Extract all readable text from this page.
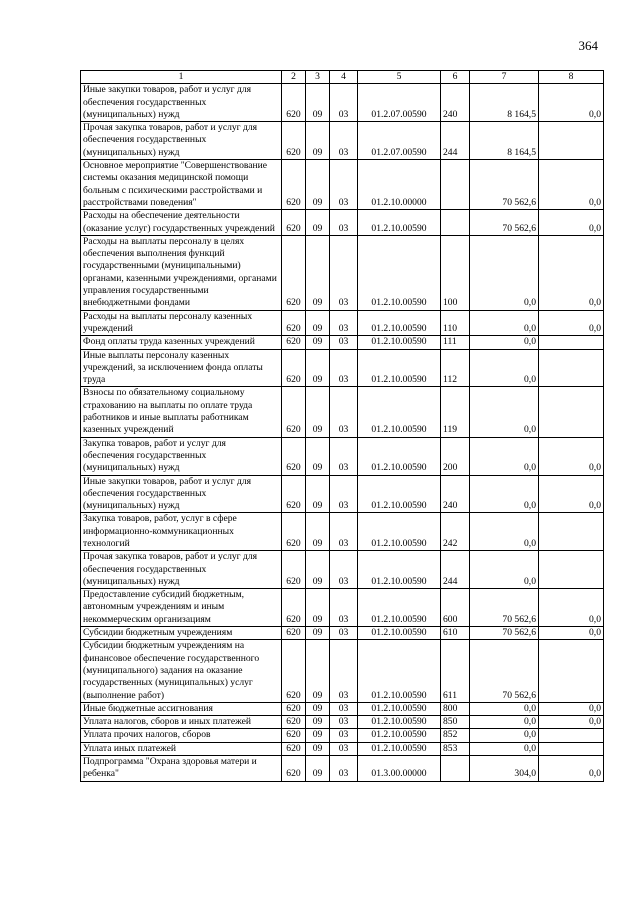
364
1	2	3	4	5	6	7	8
Иные закупки товаров, работ и услуг для обеспечения государственных (муниципальных) нужд	620	09	03	01.2.07.00590	240	8 164,5	0,0
Прочая закупка товаров, работ и услуг для обеспечения государственных (муниципальных) нужд	620	09	03	01.2.07.00590	244	8 164,5	
Основное мероприятие "Совершенствование системы оказания медицинской помощи больным с психическими расстройствами и расстройствами поведения"	620	09	03	01.2.10.00000		70 562,6	0,0
Расходы на обеспечение деятельности (оказание услуг) государственных учреждений	620	09	03	01.2.10.00590		70 562,6	0,0
Расходы на выплаты персоналу в целях обеспечения выполнения функций государственными (муниципальными) органами, казенными учреждениями, органами управления государственными внебюджетными фондами	620	09	03	01.2.10.00590	100	0,0	0,0
Расходы на выплаты персоналу казенных учреждений	620	09	03	01.2.10.00590	110	0,0	0,0
Фонд оплаты труда казенных учреждений	620	09	03	01.2.10.00590	111	0,0	
Иные выплаты персоналу казенных учреждений, за исключением фонда оплаты труда	620	09	03	01.2.10.00590	112	0,0	
Взносы по обязательному социальному страхованию на выплаты по оплате труда работников и иные выплаты работникам казенных учреждений	620	09	03	01.2.10.00590	119	0,0	
Закупка товаров, работ и услуг для обеспечения государственных (муниципальных) нужд	620	09	03	01.2.10.00590	200	0,0	0,0
Иные закупки товаров, работ и услуг для обеспечения государственных (муниципальных) нужд	620	09	03	01.2.10.00590	240	0,0	0,0
Закупка товаров, работ, услуг в сфере информационно-коммуникационных технологий	620	09	03	01.2.10.00590	242	0,0	
Прочая закупка товаров, работ и услуг для обеспечения государственных (муниципальных) нужд	620	09	03	01.2.10.00590	244	0,0	
Предоставление субсидий бюджетным, автономным учреждениям и иным некоммерческим организациям	620	09	03	01.2.10.00590	600	70 562,6	0,0
Субсидии бюджетным учреждениям	620	09	03	01.2.10.00590	610	70 562,6	0,0
Субсидии бюджетным учреждениям на финансовое обеспечение государственного (муниципального) задания на оказание государственных (муниципальных) услуг (выполнение работ)	620	09	03	01.2.10.00590	611	70 562,6	
Иные бюджетные ассигнования	620	09	03	01.2.10.00590	800	0,0	0,0
Уплата налогов, сборов и иных платежей	620	09	03	01.2.10.00590	850	0,0	0,0
Уплата прочих налогов, сборов	620	09	03	01.2.10.00590	852	0,0	
Уплата иных платежей	620	09	03	01.2.10.00590	853	0,0	
Подпрограмма "Охрана здоровья матери и ребенка"	620	09	03	01.3.00.00000		304,0	0,0
